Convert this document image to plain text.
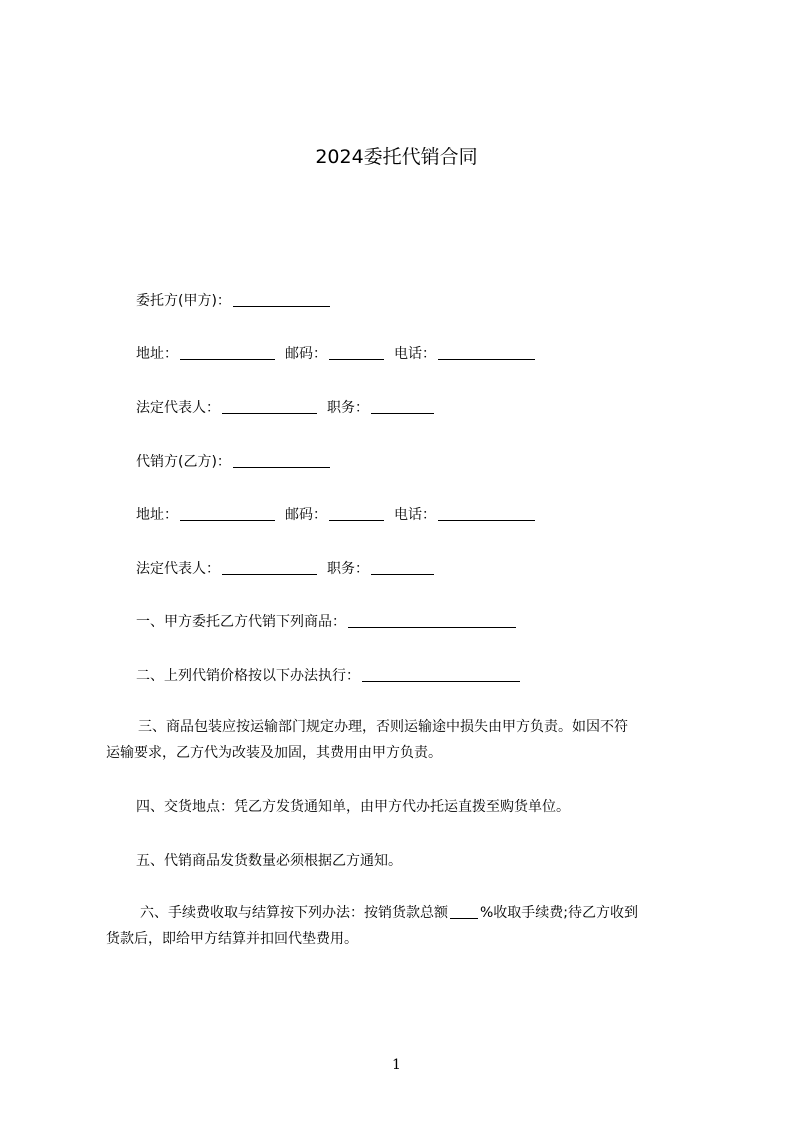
2024委托代销合同
委托方(甲方)：
地址：	邮码：	电话：
法定代表人：	职务：
代销方(乙方)：
地址：	邮码：	电话：
法定代表人：	职务：
一、甲方委托乙方代销下列商品：
二、上列代销价格按以下办法执行：
三、商品包装应按运输部门规定办理，否则运输途中损失由甲方负责。如因不符
运输要求，乙方代为改装及加固，其费用由甲方负责。
四、交货地点：凭乙方发货通知单，由甲方代办托运直拨至购货单位。
五、代销商品发货数量必须根据乙方通知。
六、手续费收取与结算按下列办法：按销货款总额 %收取手续费;待乙方收到
货款后，即给甲方结算并扣回代垫费用。
1
